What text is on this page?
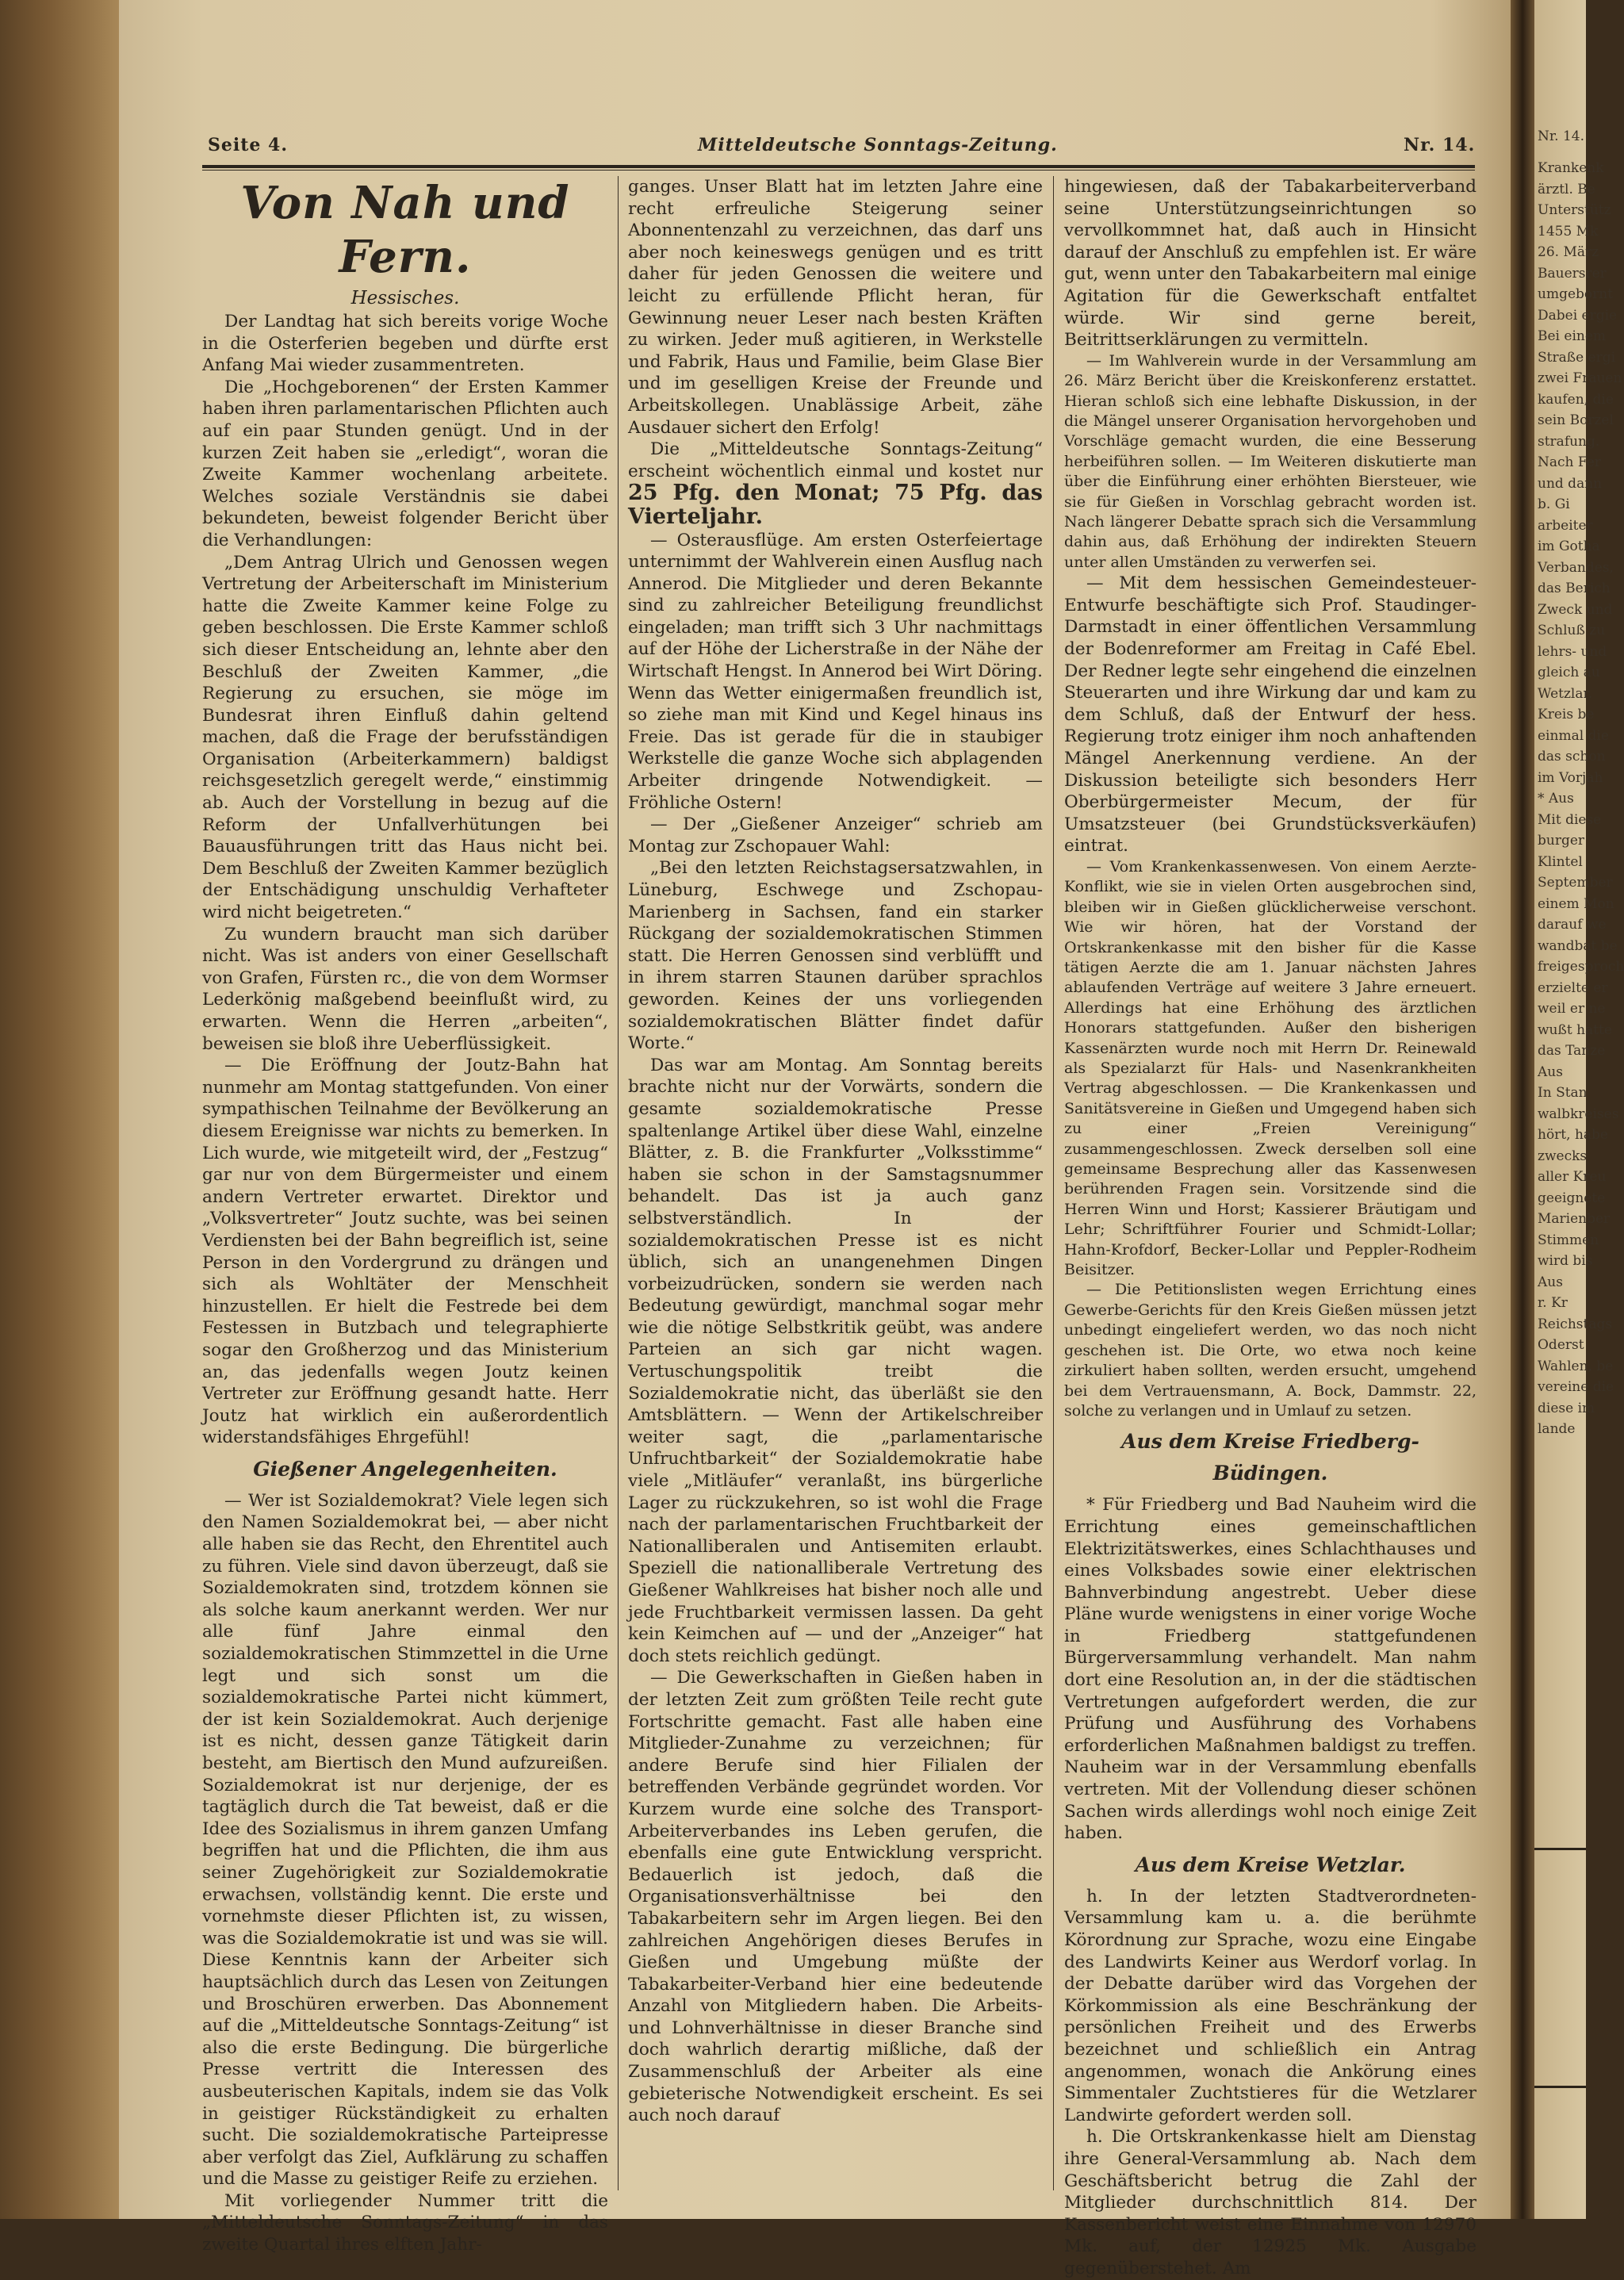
Nr. 14.
Krankenk
ärztl. Be
Unterstütz
1455 Mk
26. März
Bauersrer
umgebornt
Dabei ergie
Bei einem
Straße ergi
zwei Frauen
kaufen, die
sein Borzel
strafung.
Nach Fer
und dann
b. Gi
arbeiter
im Gotha
Verbandes,
das Berich
Zweck und
Schluß zu
lehrs- und
gleich au
Wetzlar.
Kreis be
einmal die
das schon
im Vorjah
* Aus
Mit diese
burger
Klintel
September
einem Mon
darauf we
wandbat be
freigesproch
erzielte er
weil er ne
wußt hatte
das Tanze
Aus
In Stan
walbkreises
hört, habe
zwecks
aller Kreu
geeignete
Marienber
Stimmen
wird bis
Aus
r. Kr
Reichstags
Oderst
Wahlen, be
vereine die
diese im
lande
Seite 4.	Mitteldeutsche Sonntags-Zeitung.	Nr. 14.
Von Nah und Fern.
Hessisches.

Der Landtag hat sich bereits vorige Woche in die Osterferien begeben und dürfte erst Anfang Mai wieder zusammentreten.

Die „Hochgeborenen“ der Ersten Kammer haben ihren parlamentarischen Pflichten auch auf ein paar Stunden genügt. Und in der kurzen Zeit haben sie „erledigt“, woran die Zweite Kammer wochenlang arbeitete. Welches soziale Verständnis sie dabei bekundeten, beweist folgender Bericht über die Verhandlungen:

„Dem Antrag Ulrich und Genossen wegen Vertretung der Arbeiterschaft im Ministerium hatte die Zweite Kammer keine Folge zu geben beschlossen. Die Erste Kammer schloß sich dieser Entscheidung an, lehnte aber den Beschluß der Zweiten Kammer, „die Regierung zu ersuchen, sie möge im Bundesrat ihren Einfluß dahin geltend machen, daß die Frage der berufsständigen Organisation (Arbeiterkammern) baldigst reichsgesetzlich geregelt werde,“ einstimmig ab. Auch der Vorstellung in bezug auf die Reform der Unfallverhütungen bei Bauausführungen tritt das Haus nicht bei. Dem Beschluß der Zweiten Kammer bezüglich der Entschädigung unschuldig Verhafteter wird nicht beigetreten.“

Zu wundern braucht man sich darüber nicht. Was ist anders von einer Gesellschaft von Grafen, Fürsten rc., die von dem Wormser Lederkönig maßgebend beeinflußt wird, zu erwarten. Wenn die Herren „arbeiten“, beweisen sie bloß ihre Ueberflüssigkeit.

— Die Eröffnung der Joutz-Bahn hat nunmehr am Montag stattgefunden. Von einer sympathischen Teilnahme der Bevölkerung an diesem Ereignisse war nichts zu bemerken. In Lich wurde, wie mitgeteilt wird, der „Festzug“ gar nur von dem Bürgermeister und einem andern Vertreter erwartet. Direktor und „Volksvertreter“ Joutz suchte, was bei seinen Verdiensten bei der Bahn begreiflich ist, seine Person in den Vordergrund zu drängen und sich als Wohltäter der Menschheit hinzustellen. Er hielt die Festrede bei dem Festessen in Butzbach und telegraphierte sogar den Großherzog und das Ministerium an, das jedenfalls wegen Joutz keinen Vertreter zur Eröffnung gesandt hatte. Herr Joutz hat wirklich ein außerordentlich widerstandsfähiges Ehrgefühl!

Gießener Angelegenheiten.

— Wer ist Sozialdemokrat? Viele legen sich den Namen Sozialdemokrat bei, — aber nicht alle haben sie das Recht, den Ehrentitel auch zu führen. Viele sind davon überzeugt, daß sie Sozialdemokraten sind, trotzdem können sie als solche kaum anerkannt werden. Wer nur alle fünf Jahre einmal den sozialdemokratischen Stimmzettel in die Urne legt und sich sonst um die sozialdemokratische Partei nicht kümmert, der ist kein Sozialdemokrat. Auch derjenige ist es nicht, dessen ganze Tätigkeit darin besteht, am Biertisch den Mund aufzureißen. Sozialdemokrat ist nur derjenige, der es tagtäglich durch die Tat beweist, daß er die Idee des Sozialismus in ihrem ganzen Umfang begriffen hat und die Pflichten, die ihm aus seiner Zugehörigkeit zur Sozialdemokratie erwachsen, vollständig kennt. Die erste und vornehmste dieser Pflichten ist, zu wissen, was die Sozialdemokratie ist und was sie will. Diese Kenntnis kann der Arbeiter sich hauptsächlich durch das Lesen von Zeitungen und Broschüren erwerben. Das Abonnement auf die „Mitteldeutsche Sonntags-Zeitung“ ist also die erste Bedingung. Die bürgerliche Presse vertritt die Interessen des ausbeuterischen Kapitals, indem sie das Volk in geistiger Rückständigkeit zu erhalten sucht. Die sozialdemokratische Parteipresse aber verfolgt das Ziel, Aufklärung zu schaffen und die Masse zu geistiger Reife zu erziehen.

Mit vorliegender Nummer tritt die „Mitteldeutsche Sonntags-Zeitung“ in das zweite Quartal ihres elften Jahr-

ganges. Unser Blatt hat im letzten Jahre eine recht erfreuliche Steigerung seiner Abonnentenzahl zu verzeichnen, das darf uns aber noch keineswegs genügen und es tritt daher für jeden Genossen die weitere und leicht zu erfüllende Pflicht heran, für Gewinnung neuer Leser nach besten Kräften zu wirken. Jeder muß agitieren, in Werkstelle und Fabrik, Haus und Familie, beim Glase Bier und im geselligen Kreise der Freunde und Arbeitskollegen. Unablässige Arbeit, zähe Ausdauer sichert den Erfolg!

Die „Mitteldeutsche Sonntags-Zeitung“ erscheint wöchentlich einmal und kostet nur 25 Pfg. den Monat; 75 Pfg. das Vierteljahr.

— Osterausflüge. Am ersten Osterfeiertage unternimmt der Wahlverein einen Ausflug nach Annerod. Die Mitglieder und deren Bekannte sind zu zahlreicher Beteiligung freundlichst eingeladen; man trifft sich 3 Uhr nachmittags auf der Höhe der Licherstraße in der Nähe der Wirtschaft Hengst. In Annerod bei Wirt Döring. Wenn das Wetter einigermaßen freundlich ist, so ziehe man mit Kind und Kegel hinaus ins Freie. Das ist gerade für die in staubiger Werkstelle die ganze Woche sich abplagenden Arbeiter dringende Notwendigkeit. — Fröhliche Ostern!

— Der „Gießener Anzeiger“ schrieb am Montag zur Zschopauer Wahl:

„Bei den letzten Reichstagsersatzwahlen, in Lüneburg, Eschwege und Zschopau-Marienberg in Sachsen, fand ein starker Rückgang der sozialdemokratischen Stimmen statt. Die Herren Genossen sind verblüfft und in ihrem starren Staunen darüber sprachlos geworden. Keines der uns vorliegenden sozialdemokratischen Blätter findet dafür Worte.“

Das war am Montag. Am Sonntag bereits brachte nicht nur der Vorwärts, sondern die gesamte sozialdemokratische Presse spaltenlange Artikel über diese Wahl, einzelne Blätter, z. B. die Frankfurter „Volksstimme“ haben sie schon in der Samstagsnummer behandelt. Das ist ja auch ganz selbstverständlich. In der sozialdemokratischen Presse ist es nicht üblich, sich an unangenehmen Dingen vorbeizudrücken, sondern sie werden nach Bedeutung gewürdigt, manchmal sogar mehr wie die nötige Selbstkritik geübt, was andere Parteien an sich gar nicht wagen. Vertuschungspolitik treibt die Sozialdemokratie nicht, das überläßt sie den Amtsblättern. — Wenn der Artikelschreiber weiter sagt, die „parlamentarische Unfruchtbarkeit“ der Sozialdemokratie habe viele „Mitläufer“ veranlaßt, ins bürgerliche Lager zu rückzukehren, so ist wohl die Frage nach der parlamentarischen Fruchtbarkeit der Nationalliberalen und Antisemiten erlaubt. Speziell die nationalliberale Vertretung des Gießener Wahlkreises hat bisher noch alle und jede Fruchtbarkeit vermissen lassen. Da geht kein Keimchen auf — und der „Anzeiger“ hat doch stets reichlich gedüngt.

— Die Gewerkschaften in Gießen haben in der letzten Zeit zum größten Teile recht gute Fortschritte gemacht. Fast alle haben eine Mitglieder-Zunahme zu verzeichnen; für andere Berufe sind hier Filialen der betreffenden Verbände gegründet worden. Vor Kurzem wurde eine solche des Transport-Arbeiterverbandes ins Leben gerufen, die ebenfalls eine gute Entwicklung verspricht. Bedauerlich ist jedoch, daß die Organisationsverhältnisse bei den Tabakarbeitern sehr im Argen liegen. Bei den zahlreichen Angehörigen dieses Berufes in Gießen und Umgebung müßte der Tabakarbeiter-Verband hier eine bedeutende Anzahl von Mitgliedern haben. Die Arbeits- und Lohnverhältnisse in dieser Branche sind doch wahrlich derartig mißliche, daß der Zusammenschluß der Arbeiter als eine gebieterische Notwendigkeit erscheint. Es sei auch noch darauf

hingewiesen, daß der Tabakarbeiterverband seine Unterstützungseinrichtungen so vervollkommnet hat, daß auch in Hinsicht darauf der Anschluß zu empfehlen ist. Er wäre gut, wenn unter den Tabakarbeitern mal einige Agitation für die Gewerkschaft entfaltet würde. Wir sind gerne bereit, Beitrittserklärungen zu vermitteln.

— Im Wahlverein wurde in der Versammlung am 26. März Bericht über die Kreiskonferenz erstattet. Hieran schloß sich eine lebhafte Diskussion, in der die Mängel unserer Organisation hervorgehoben und Vorschläge gemacht wurden, die eine Besserung herbeiführen sollen. — Im Weiteren diskutierte man über die Einführung einer erhöhten Biersteuer, wie sie für Gießen in Vorschlag gebracht worden ist. Nach längerer Debatte sprach sich die Versammlung dahin aus, daß Erhöhung der indirekten Steuern unter allen Umständen zu verwerfen sei.

— Mit dem hessischen Gemeindesteuer-Entwurfe beschäftigte sich Prof. Staudinger-Darmstadt in einer öffentlichen Versammlung der Bodenreformer am Freitag in Café Ebel. Der Redner legte sehr eingehend die einzelnen Steuerarten und ihre Wirkung dar und kam zu dem Schluß, daß der Entwurf der hess. Regierung trotz einiger ihm noch anhaftenden Mängel Anerkennung verdiene. An der Diskussion beteiligte sich besonders Herr Oberbürgermeister Mecum, der für Umsatzsteuer (bei Grundstücksverkäufen) eintrat.

— Vom Krankenkassenwesen. Von einem Aerzte-Konflikt, wie sie in vielen Orten ausgebrochen sind, bleiben wir in Gießen glücklicherweise verschont. Wie wir hören, hat der Vorstand der Ortskrankenkasse mit den bisher für die Kasse tätigen Aerzte die am 1. Januar nächsten Jahres ablaufenden Verträge auf weitere 3 Jahre erneuert. Allerdings hat eine Erhöhung des ärztlichen Honorars stattgefunden. Außer den bisherigen Kassenärzten wurde noch mit Herrn Dr. Reinewald als Spezialarzt für Hals- und Nasenkrankheiten Vertrag abgeschlossen. — Die Krankenkassen und Sanitätsvereine in Gießen und Umgegend haben sich zu einer „Freien Vereinigung“ zusammengeschlossen. Zweck derselben soll eine gemeinsame Besprechung aller das Kassenwesen berührenden Fragen sein. Vorsitzende sind die Herren Winn und Horst; Kassierer Bräutigam und Lehr; Schriftführer Fourier und Schmidt-Lollar; Hahn-Krofdorf, Becker-Lollar und Peppler-Rodheim Beisitzer.

— Die Petitionslisten wegen Errichtung eines Gewerbe-Gerichts für den Kreis Gießen müssen jetzt unbedingt eingeliefert werden, wo das noch nicht geschehen ist. Die Orte, wo etwa noch keine zirkuliert haben sollten, werden ersucht, umgehend bei dem Vertrauensmann, A. Bock, Dammstr. 22, solche zu verlangen und in Umlauf zu setzen.

Aus dem Kreise Friedberg-Büdingen.

* Für Friedberg und Bad Nauheim wird die Errichtung eines gemeinschaftlichen Elektrizitätswerkes, eines Schlachthauses und eines Volksbades sowie einer elektrischen Bahnverbindung angestrebt. Ueber diese Pläne wurde wenigstens in einer vorige Woche in Friedberg stattgefundenen Bürgerversammlung verhandelt. Man nahm dort eine Resolution an, in der die städtischen Vertretungen aufgefordert werden, die zur Prüfung und Ausführung des Vorhabens erforderlichen Maßnahmen baldigst zu treffen. Nauheim war in der Versammlung ebenfalls vertreten. Mit der Vollendung dieser schönen Sachen wirds allerdings wohl noch einige Zeit haben.

Aus dem Kreise Wetzlar.

h. In der letzten Stadtverordneten-Versammlung kam u. a. die berühmte Körordnung zur Sprache, wozu eine Eingabe des Landwirts Keiner aus Werdorf vorlag. In der Debatte darüber wird das Vorgehen der Körkommission als eine Beschränkung der persönlichen Freiheit und des Erwerbs bezeichnet und schließlich ein Antrag angenommen, wonach die Ankörung eines Simmentaler Zuchtstieres für die Wetzlarer Landwirte gefordert werden soll.

h. Die Ortskrankenkasse hielt am Dienstag ihre General-Versammlung ab. Nach dem Geschäftsbericht betrug die Zahl der Mitglieder durchschnittlich 814. Der Kassenbericht weist eine Einnahme von 12970 Mk. auf, der 12925 Mk. Ausgabe gegenüberstehet. Am
